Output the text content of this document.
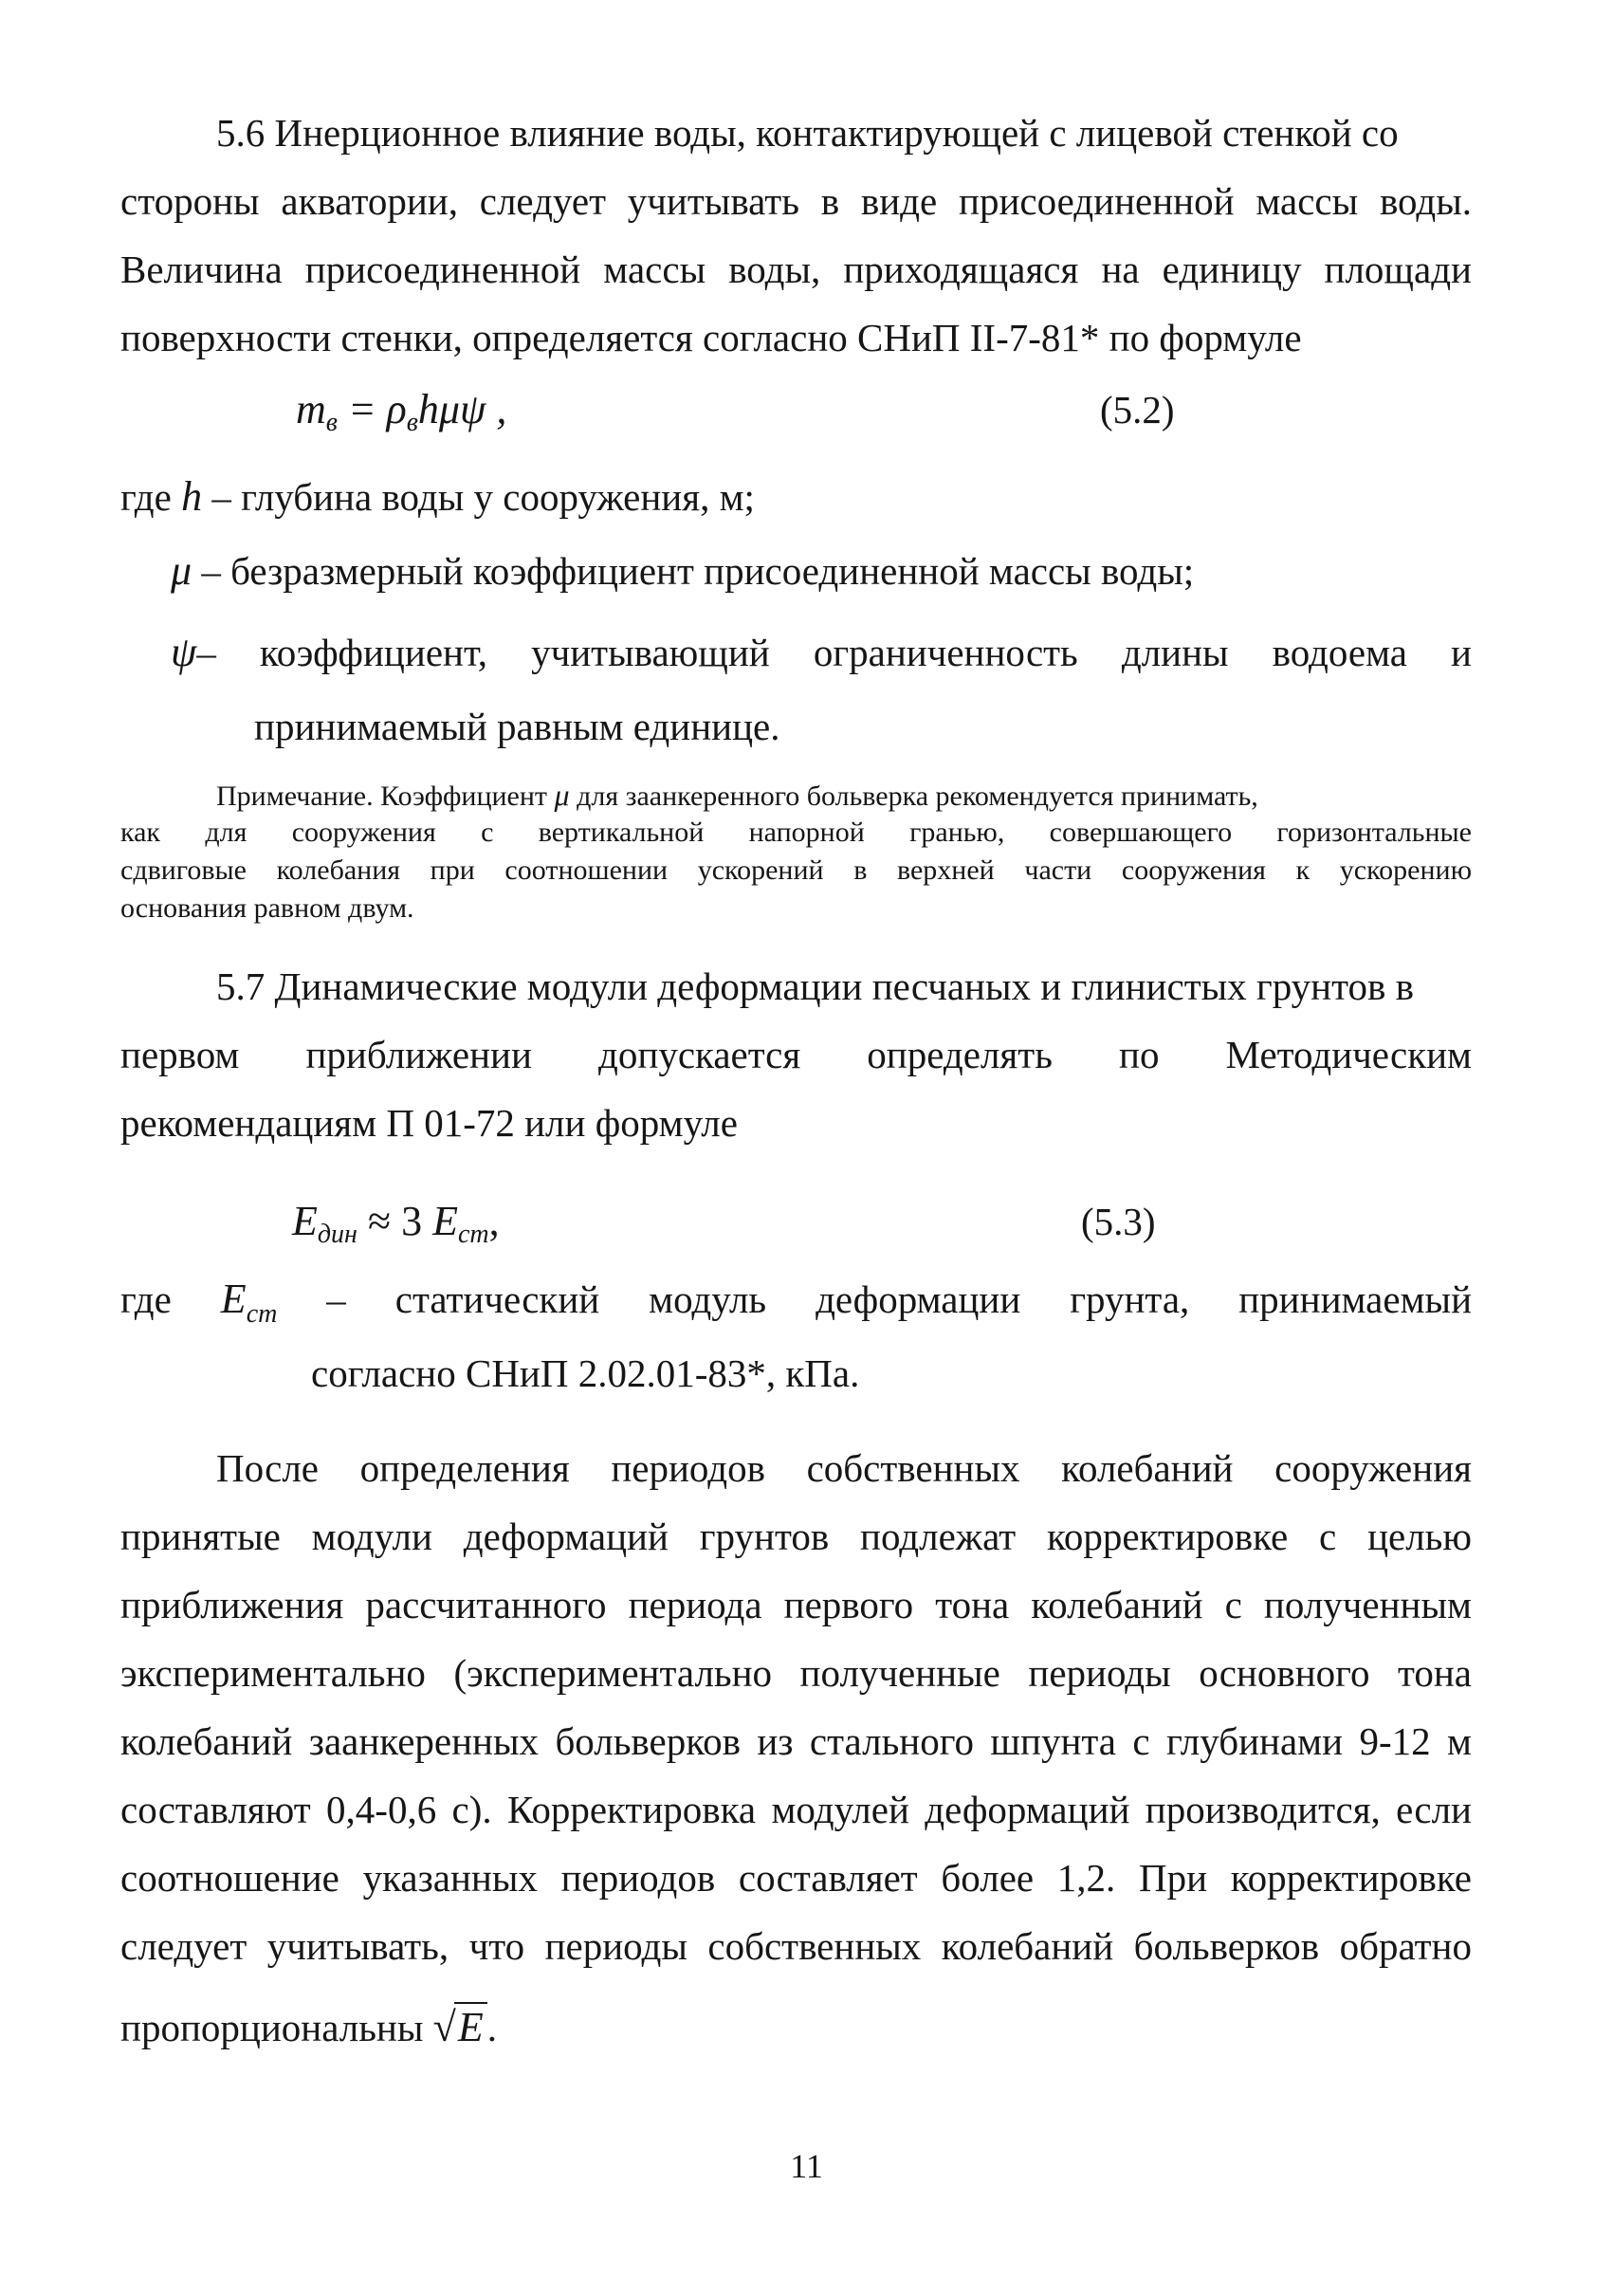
5.6 Инерционное влияние воды, контактирующей с лицевой стенкой со

стороны акватории, следует учитывать в виде присоединенной массы воды.

Величина присоединенной массы воды, приходящаяся на единицу площади

поверхности стенки, определяется согласно СНиП II-7-81* по формуле

$m_в = \rho_вh\mu\psi$ ,	(5.2)
где h – глубина воды у сооружения, м;
μ – безразмерный коэффициент присоединенной массы воды;
ψ– коэффициент, учитывающий ограниченность длины водоема и

принимаемый равным единице.

Примечание. Коэффициент μ для заанкеренного больверка рекомендуется принимать,

как для сооружения с вертикальной напорной гранью, совершающего горизонтальные

сдвиговые колебания при соотношении ускорений в верхней части сооружения к ускорению

основания равном двум.

5.7 Динамические модули деформации песчаных и глинистых грунтов в

первом приближении допускается определять по Методическим

рекомендациям П 01-72 или формуле

$E_{дин} \approx 3$ $E_{ст}$,	(5.3)
где $E_{ст}$ – статический модуль деформации грунта, принимаемый

согласно СНиП 2.02.01-83*, кПа.

После определения периодов собственных колебаний сооружения

принятые модули деформаций грунтов подлежат корректировке с целью

приближения рассчитанного периода первого тона колебаний с полученным

экспериментально (экспериментально полученные периоды основного тона

колебаний заанкеренных больверков из стального шпунта с глубинами 9-12 м

составляют 0,4-0,6 с). Корректировка модулей деформаций производится, если

соотношение указанных периодов составляет более 1,2. При корректировке

следует учитывать, что периоды собственных колебаний больверков обратно

пропорциональны √E.
11
